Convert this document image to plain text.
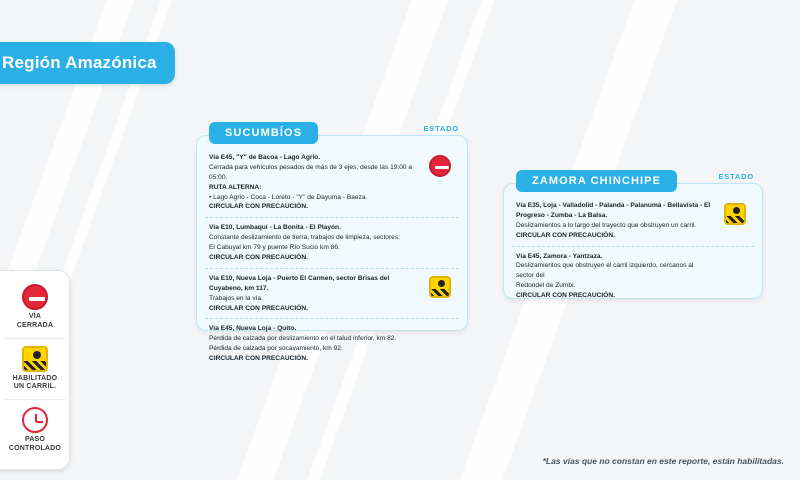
Región Amazónica
VÍA
CERRADA
HABILITADO
UN CARRIL.
PASO
CONTROLADO
SUCUMBÍOS	ESTADO
Vía E45, "Y" de Bacoa - Lago Agrio.
Cerrada para vehículos pesados de más de 3 ejes, desde las 19:00 a 05:00.
RUTA ALTERNA:
• Lago Agrio - Coca - Loreto - "Y" de Dayuma - Baeza.
CIRCULAR CON PRECAUCIÓN.
Vía E10, Lumbaquí - La Bonita - El Playón.
Constante deslizamiento de tierra, trabajos de limpieza, sectores:
El Cabuyal km 79 y puente Río Sucio km 86.
CIRCULAR CON PRECAUCIÓN.
Vía E10, Nueva Loja - Puerto El Carmen, sector Brisas del Cuyabeno, km 117.
Trabajos en la vía.
CIRCULAR CON PRECAUCIÓN.
Vía E45, Nueva Loja - Quito.
Pérdida de calzada por deslizamiento en el talud inferior, km 82.
Pérdida de calzada por socavamiento, km 92.
CIRCULAR CON PRECAUCIÓN.
ZAMORA CHINCHIPE	ESTADO
Vía E35, Loja - Valladolid - Palanda - Palanumá - Bellavista - El Progreso - Zumba - La Balsa.
Deslizamientos a lo largo del trayecto que obstruyen un carril.
CIRCULAR CON PRECAUCIÓN.
Vía E45, Zamora - Yantzaza.
Deslizamientos que obstruyen el carril izquierdo, cercanos al sector del
Redondel de Zumbi.
CIRCULAR CON PRECAUCIÓN.
*Las vías que no constan en este reporte, están habilitadas.
